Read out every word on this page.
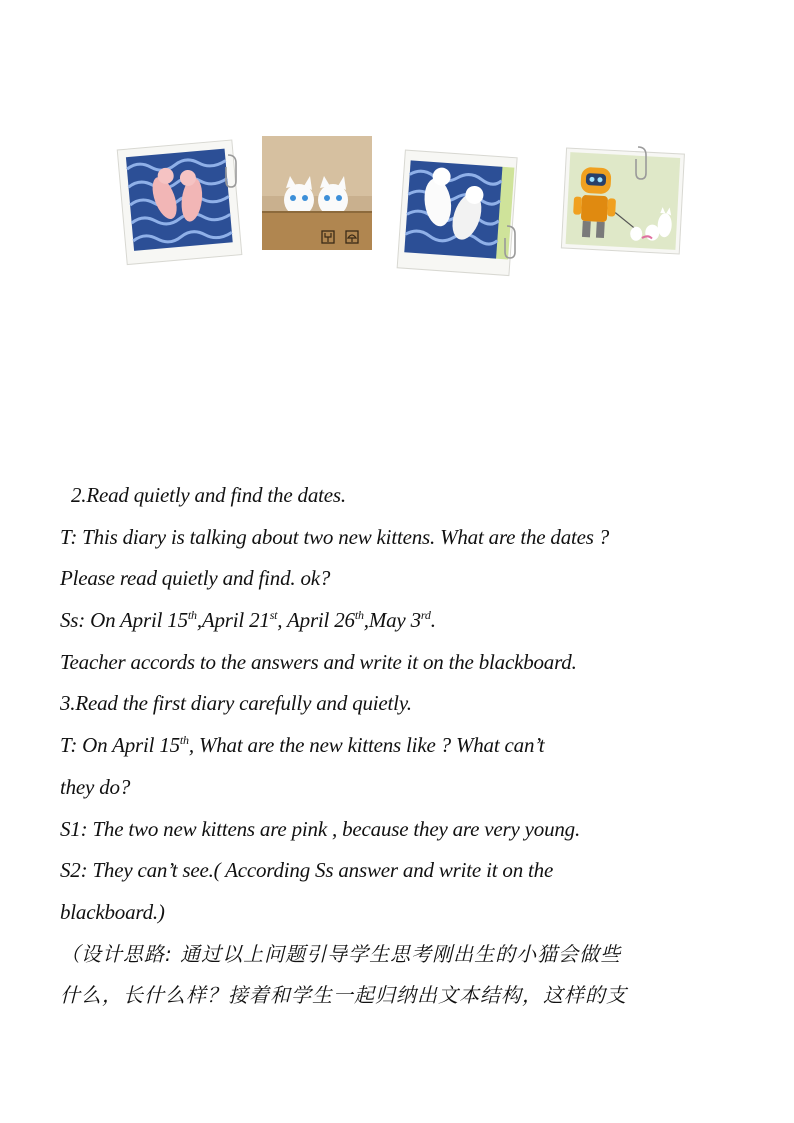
2.Read quietly and find the dates.
T: This diary is talking about two new kittens. What are the dates ?
Please read quietly and find. ok?
Ss: On April 15th,April 21st, April 26th,May 3rd.
Teacher accords to the answers and write it on the blackboard.
3.Read the first diary carefully and quietly.
T: On April 15th, What are the new kittens like ? What can’t
they do?
S1: The two new kittens are pink , because they are very young.
S2: They can’t see.( According Ss answer and write it on the
blackboard.)
（设计思路: 通过以上问题引导学生思考刚出生的小猫会做些
什么，长什么样？接着和学生一起归纳出文本结构，这样的支
